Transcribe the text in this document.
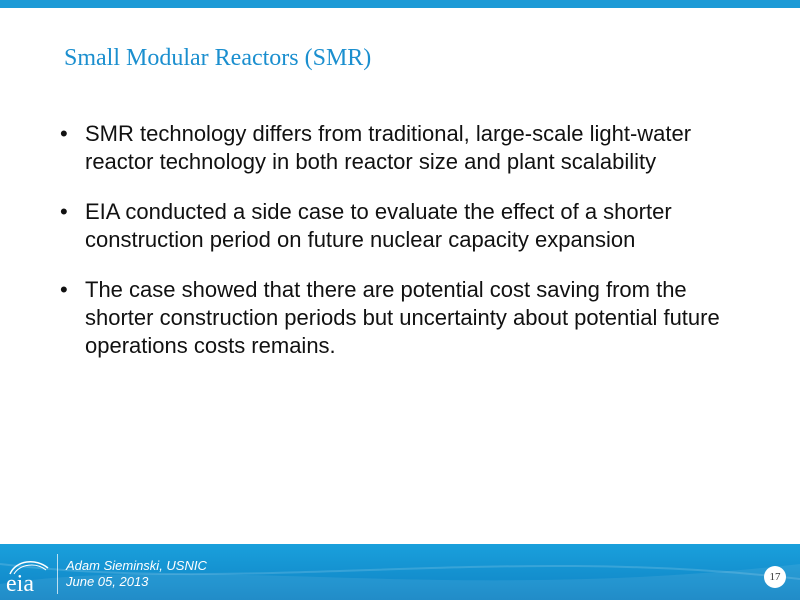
Small Modular Reactors (SMR)
• SMR technology differs from traditional, large-scale light-water reactor technology in both reactor size and plant scalability
• EIA conducted a side case to evaluate the effect of a shorter construction period on future nuclear capacity expansion
• The case showed that there are potential cost saving from the shorter construction periods but uncertainty about potential future operations costs remains.
eia
Adam Sieminski, USNIC
June 05, 2013	17
